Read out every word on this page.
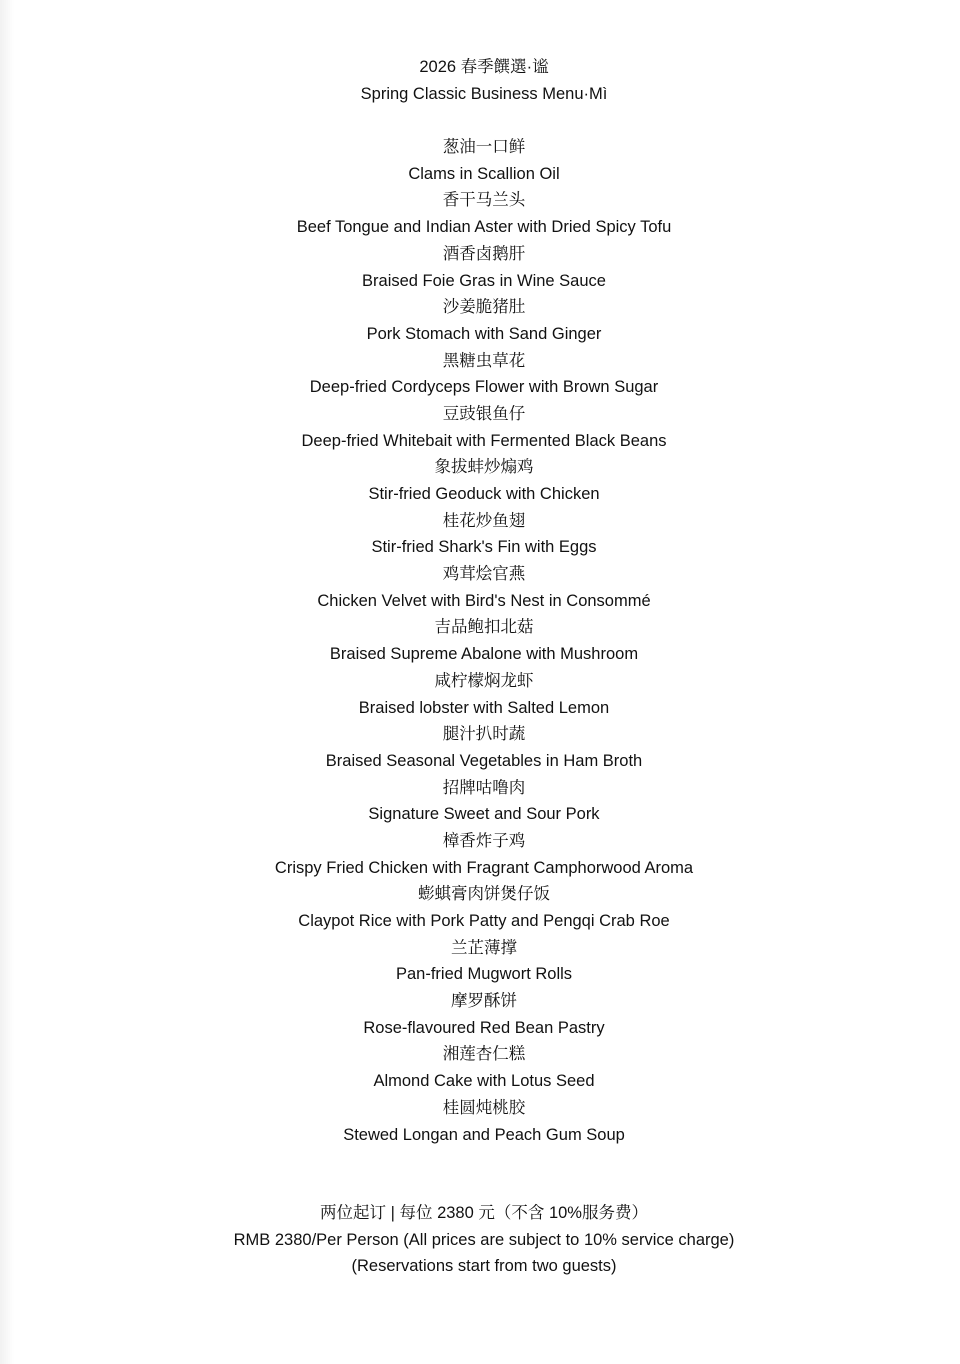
2026 春季饌選·谧
Spring Classic Business Menu·Mì
葱油一口鲜
Clams in Scallion Oil
香干马兰头
Beef Tongue and Indian Aster with Dried Spicy Tofu
酒香卤鹅肝
Braised Foie Gras in Wine Sauce
沙姜脆猪肚
Pork Stomach with Sand Ginger
黑糖虫草花
Deep-fried Cordyceps Flower with Brown Sugar
豆豉银鱼仔
Deep-fried Whitebait with Fermented Black Beans
象拔蚌炒煽鸡
Stir-fried Geoduck with Chicken
桂花炒鱼翅
Stir-fried Shark's Fin with Eggs
鸡茸烩官燕
Chicken Velvet with Bird's Nest in Consommé
吉品鲍扣北菇
Braised Supreme Abalone with Mushroom
咸柠檬焖龙虾
Braised lobster with Salted Lemon
腿汁扒时蔬
Braised Seasonal Vegetables in Ham Broth
招牌咕噜肉
Signature Sweet and Sour Pork
樟香炸子鸡
Crispy Fried Chicken with Fragrant Camphorwood Aroma
蟛蜞膏肉饼煲仔饭
Claypot Rice with Pork Patty and Pengqi Crab Roe
兰芷薄撑
Pan-fried Mugwort Rolls
摩罗酥饼
Rose-flavoured Red Bean Pastry
湘莲杏仁糕
Almond Cake with Lotus Seed
桂圆炖桃胶
Stewed Longan and Peach Gum Soup
两位起订 | 每位 2380 元（不含 10%服务费）
RMB 2380/Per Person (All prices are subject to 10% service charge)
(Reservations start from two guests)
